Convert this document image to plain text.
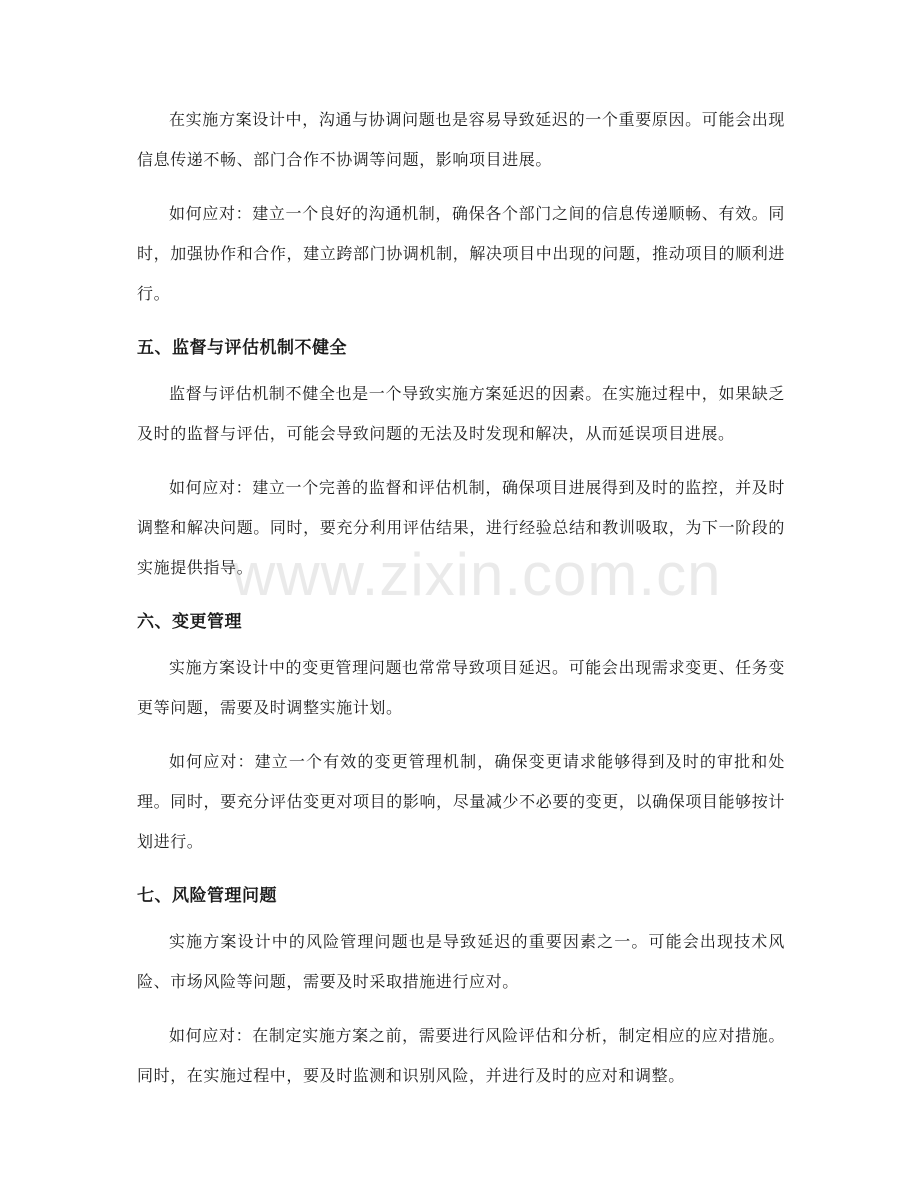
在实施方案设计中，沟通与协调问题也是容易导致延迟的一个重要原因。可能会出现信息传递不畅、部门合作不协调等问题，影响项目进展。

如何应对：建立一个良好的沟通机制，确保各个部门之间的信息传递顺畅、有效。同时，加强协作和合作，建立跨部门协调机制，解决项目中出现的问题，推动项目的顺利进行。

五、监督与评估机制不健全

监督与评估机制不健全也是一个导致实施方案延迟的因素。在实施过程中，如果缺乏及时的监督与评估，可能会导致问题的无法及时发现和解决，从而延误项目进展。

如何应对：建立一个完善的监督和评估机制，确保项目进展得到及时的监控，并及时调整和解决问题。同时，要充分利用评估结果，进行经验总结和教训吸取，为下一阶段的实施提供指导。

六、变更管理

实施方案设计中的变更管理问题也常常导致项目延迟。可能会出现需求变更、任务变更等问题，需要及时调整实施计划。

如何应对：建立一个有效的变更管理机制，确保变更请求能够得到及时的审批和处理。同时，要充分评估变更对项目的影响，尽量减少不必要的变更，以确保项目能够按计划进行。

七、风险管理问题

实施方案设计中的风险管理问题也是导致延迟的重要因素之一。可能会出现技术风险、市场风险等问题，需要及时采取措施进行应对。

如何应对：在制定实施方案之前，需要进行风险评估和分析，制定相应的应对措施。同时，在实施过程中，要及时监测和识别风险，并进行及时的应对和调整。

www.zixin.com.cn
